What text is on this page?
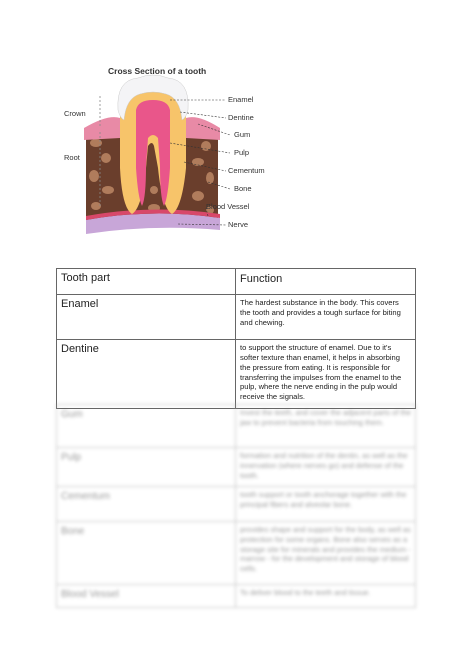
Cross Section of a tooth
Crown
Root
Enamel
Dentine
Gum
Pulp
Cementum
Bone
Blood Vessel
Nerve
Tooth part	Function
Enamel	The hardest substance in the body. This covers the tooth and provides a tough surface for biting and chewing.
Dentine	to support the structure of enamel. Due to it's softer texture than enamel, it helps in absorbing the pressure from eating. It is responsible for transferring the impulses from the enamel to the pulp, where the nerve ending in the pulp would receive the signals.
Gum	Invest the teeth, and cover the adjacent parts of the jaw to prevent bacteria from touching them.
Pulp	formation and nutrition of the dentin, as well as the innervation (where nerves go) and defense of the tooth.
Cementum	tooth support or tooth anchorage together with the principal fibers and alveolar bone.
Bone	provides shape and support for the body, as well as protection for some organs. Bone also serves as a storage site for minerals and provides the medium - marrow - for the development and storage of blood cells.
Blood Vessel	To deliver blood to the teeth and tissue.
